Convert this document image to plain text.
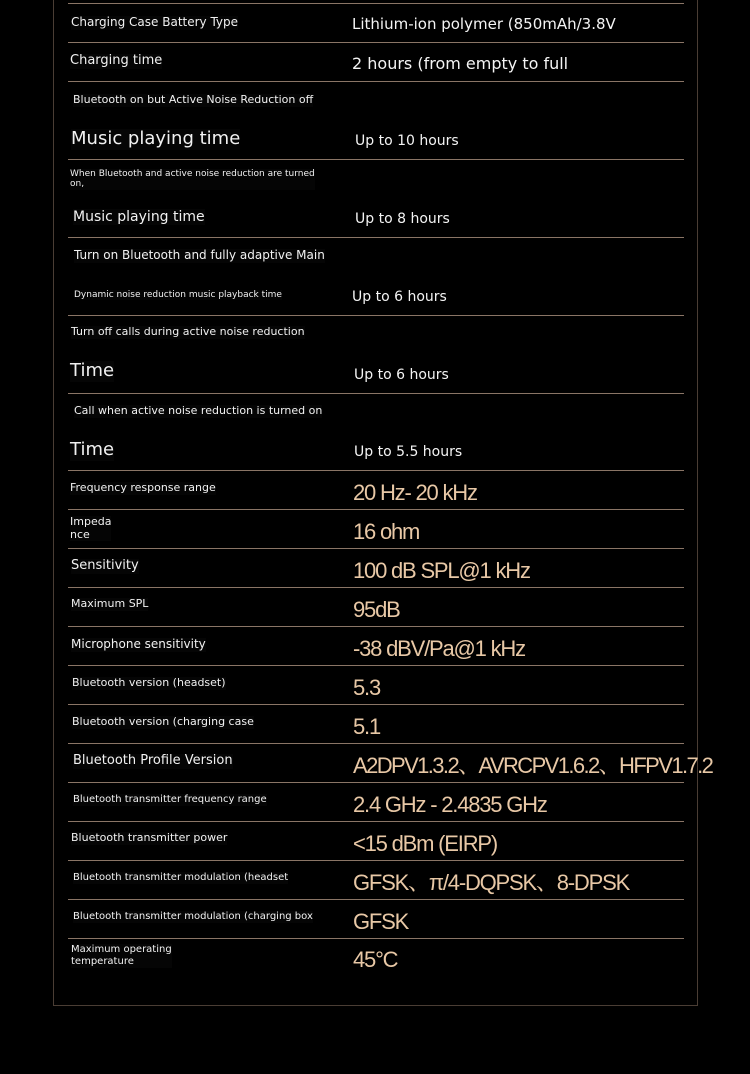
Charging Case Battery Type	Lithium-ion polymer (850mAh/3.8V
Charging time	2 hours (from empty to full
Bluetooth on but Active Noise Reduction off
Music playing time	Up to 10 hours
When Bluetooth and active noise reduction are turned on,
Music playing time	Up to 8 hours
Turn on Bluetooth and fully adaptive Main
Dynamic noise reduction music playback time	Up to 6 hours
Turn off calls during active noise reduction
Time	Up to 6 hours
Call when active noise reduction is turned on
Time	Up to 5.5 hours
Frequency response range	20 Hz- 20 kHz
Impeda
nce	16 ohm
Sensitivity	100 dB SPL@1 kHz
Maximum SPL	95dB
Microphone sensitivity	-38 dBV/Pa@1 kHz
Bluetooth version (headset)	5.3
Bluetooth version (charging case	5.1
Bluetooth Profile Version	A2DPV1.3.2、AVRCPV1.6.2、HFPV1.7.2
Bluetooth transmitter frequency range	2.4 GHz - 2.4835 GHz
Bluetooth transmitter power	<15 dBm (EIRP)
Bluetooth transmitter modulation (headset	GFSK、π/4-DQPSK、8-DPSK
Bluetooth transmitter modulation (charging box GFSK
Maximum operating
temperature	45°C
